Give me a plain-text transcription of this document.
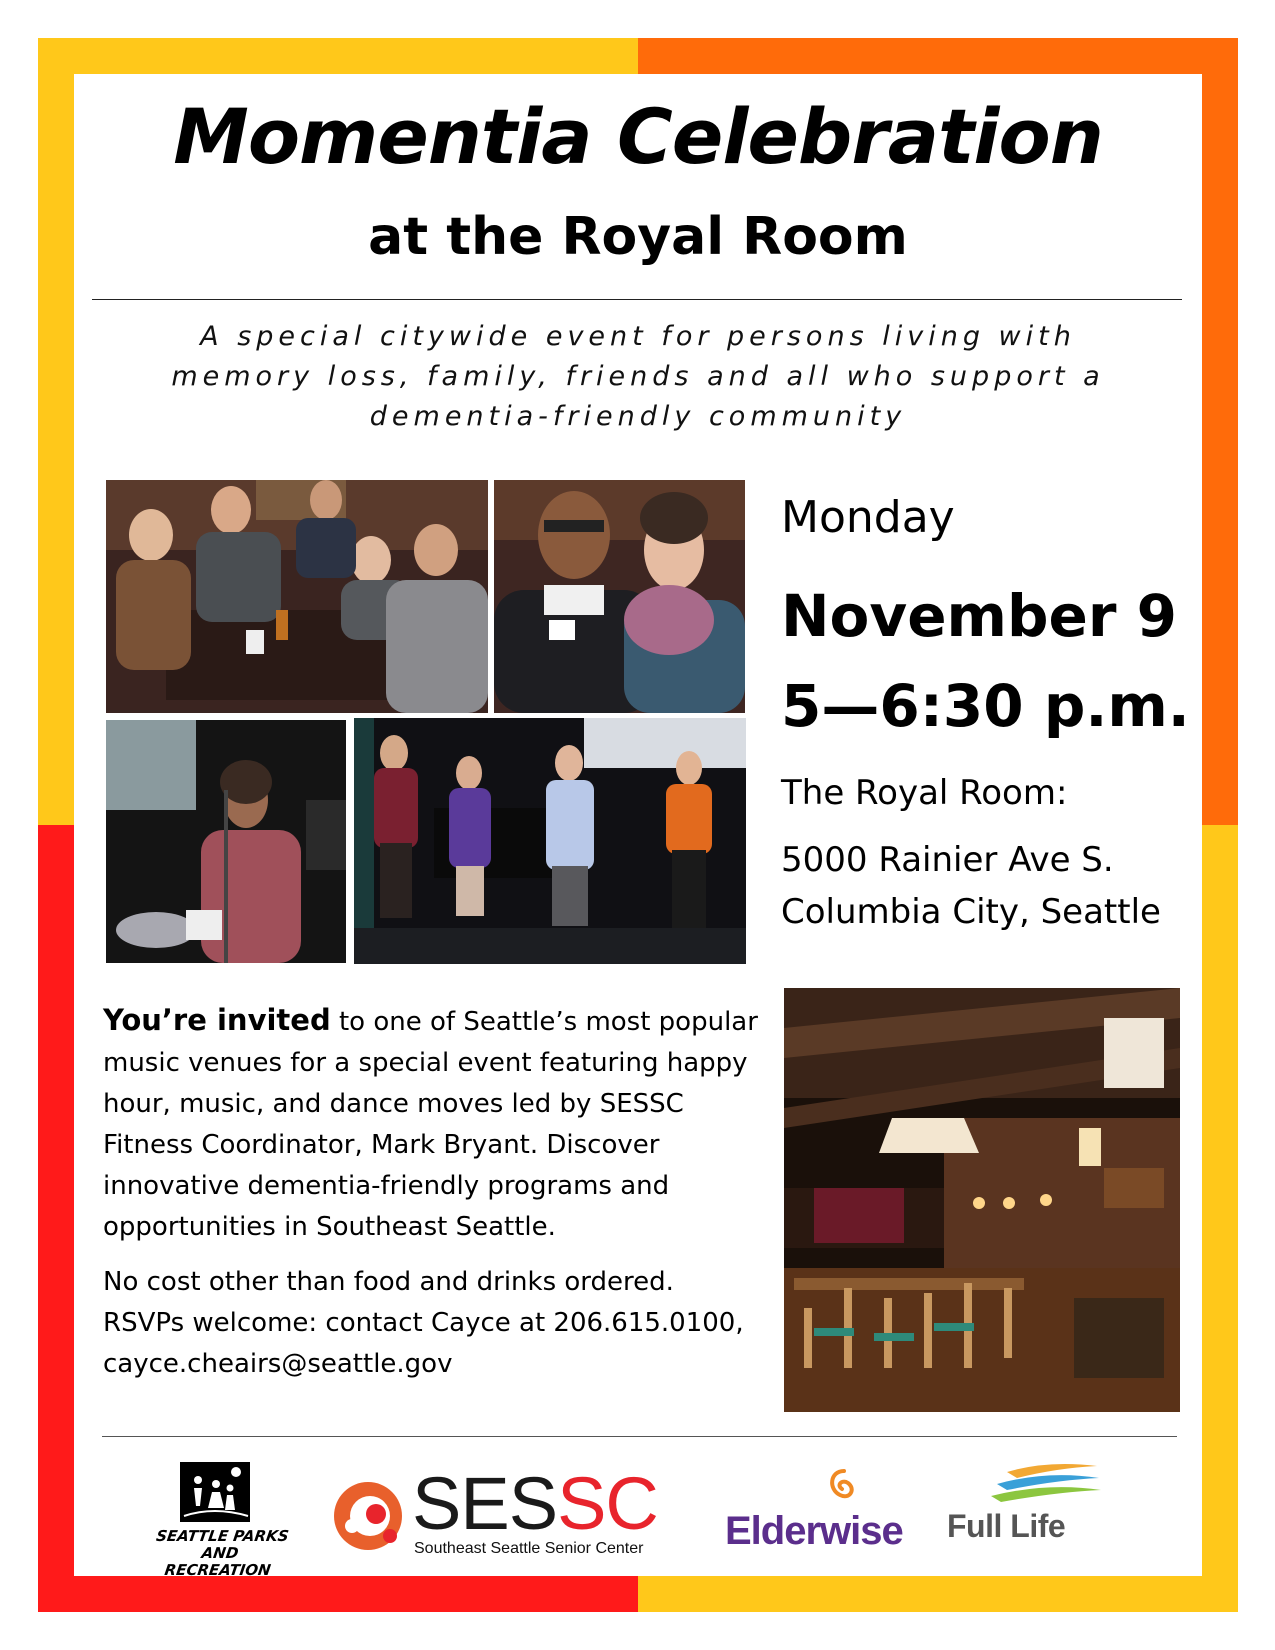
Momentia Celebration
at the Royal Room
A special citywide event for persons living with
memory loss, family, friends and all who support a
dementia-friendly community
Monday
November 9
5—6:30 p.m.
The Royal Room:
5000 Rainier Ave S.
Columbia City, Seattle
You’re invited to one of Seattle’s most popular music venues for a special event featuring happy hour, music, and dance moves led by SESSC Fitness Coordinator, Mark Bryant. Discover innovative dementia-friendly programs and opportunities in Southeast Seattle.
No cost other than food and drinks ordered.
RSVPs welcome: contact Cayce at 206.615.0100,
cayce.cheairs@seattle.gov
SEATTLE PARKS
AND RECREATION
SESSC
Southeast Seattle Senior Center Elderwise Full Life
